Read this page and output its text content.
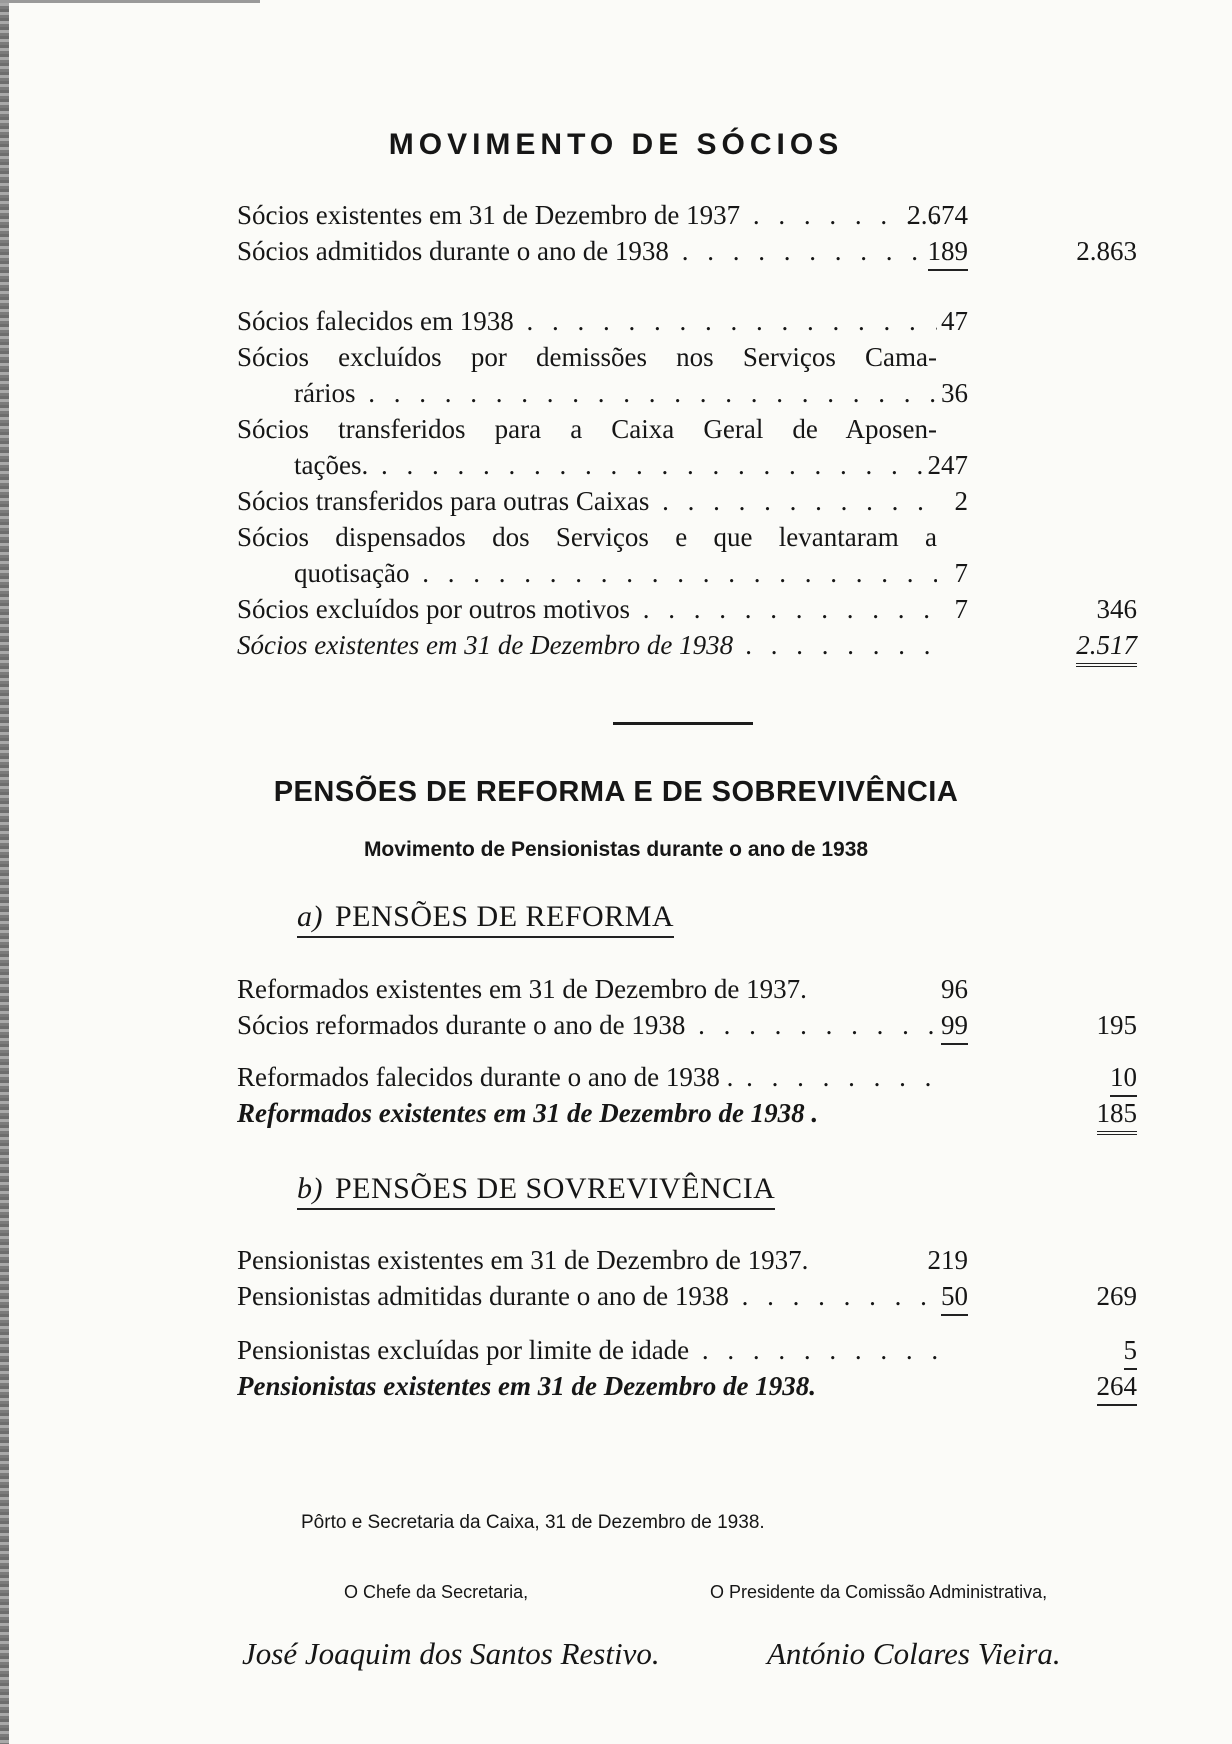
MOVIMENTO DE SÓCIOS
Sócios existentes em 31 de Dezembro de 1937 . . .	2.674
Sócios admitidos durante o ano de 1938 . . .	189	2.863
Sócios falecidos em 1938 . . .	47
Sócios excluídos por demissões nos Serviços Cama-
rários . . .	36
Sócios transferidos para a Caixa Geral de Aposen-
tações. . . .	247
Sócios transferidos para outras Caixas . . .	2
Sócios dispensados dos Serviços e que levantaram a
quotisação . . .	7
Sócios excluídos por outros motivos . . .	7	346
Sócios existentes em 31 de Dezembro de 1938 . . .	2.517
PENSÕES DE REFORMA E DE SOBREVIVÊNCIA
Movimento de Pensionistas durante o ano de 1938
a) PENSÕES DE REFORMA
Reformados existentes em 31 de Dezembro de 1937.	96
Sócios reformados durante o ano de 1938 . . .	99	195
Reformados falecidos durante o ano de 1938 . . . .	10
Reformados existentes em 31 de Dezembro de 1938 .	185
b) PENSÕES DE SOVREVIVÊNCIA
Pensionistas existentes em 31 de Dezembro de 1937.	219
Pensionistas admitidas durante o ano de 1938 . . .	50	269
Pensionistas excluídas por limite de idade . . .	5
Pensionistas existentes em 31 de Dezembro de 1938.	264
Pôrto e Secretaria da Caixa, 31 de Dezembro de 1938.
O Chefe da Secretaria,	O Presidente da Comissão Administrativa,
José Joaquim dos Santos Restivo.	António Colares Vieira.
